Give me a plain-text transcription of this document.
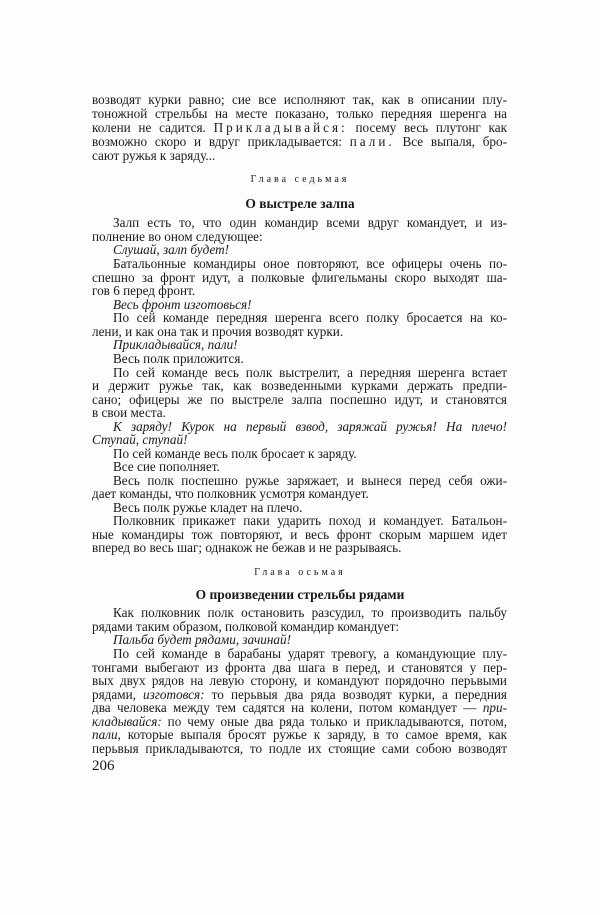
возводят курки равно; сие все исполняют так, как в описании плу-
тоножной стрельбы на месте показано, только передняя шеренга на
колени не садится. Прикладывайся: посему весь плутонг как
возможно скоро и вдруг прикладывается: пали. Все выпаля, бро-
сают ружья к заряду...
Глава седьмая
О выстреле залпа
Залп есть то, что один командир всеми вдруг командует, и из-
полнение во оном следующее:
Слушай, залп будет!
Батальонные командиры оное повторяют, все офицеры очень по-
спешно за фронт идут, а полковые флигельманы скоро выходят ша-
гов 6 перед фронт.
Весь фронт изготовься!
По сей команде передняя шеренга всего полку бросается на ко-
лени, и как она так и прочия возводят курки.
Прикладывайся, пали!
Весь полк приложится.
По сей команде весь полк выстрелит, а передняя шеренга встает
и держит ружье так, как возведенными курками держать предпи-
сано; офицеры же по выстреле залпа поспешно идут, и становятся
в свои места.
К заряду! Курок на первый взвод, заряжай ружья! На плечо!
Ступай, ступай!
По сей команде весь полк бросает к заряду.
Все сие пополняет.
Весь полк поспешно ружье заряжает, и вынеся перед себя ожи-
дает команды, что полковник усмотря командует.
Весь полк ружье кладет на плечо.
Полковник прикажет паки ударить поход и командует. Батальон-
ные командиры тож повторяют, и весь фронт скорым маршем идет
вперед во весь шаг; однакож не бежав и не разрываясь.
Глава осьмая
О произведении стрельбы рядами
Как полковник полк остановить разсудил, то производить пальбу
рядами таким образом, полковой командир командует:
Пальба будет рядами, зачинай!
По сей команде в барабаны ударят тревогу, а командующие плу-
тонгами выбегают из фронта два шага в перед, и становятся у пер-
вых двух рядов на левую сторону, и командуют порядочно перьвыми
рядами, изготовся: то перьвыя два ряда возводят курки, а передния
два человека между тем садятся на колени, потом командует — при-
кладывайся: по чему оные два ряда только и прикладываются, потом,
пали, которые выпаля бросят ружье к заряду, в то самое время, как
перьвыя прикладываются, то подле их стоящие сами собою возводят
206
